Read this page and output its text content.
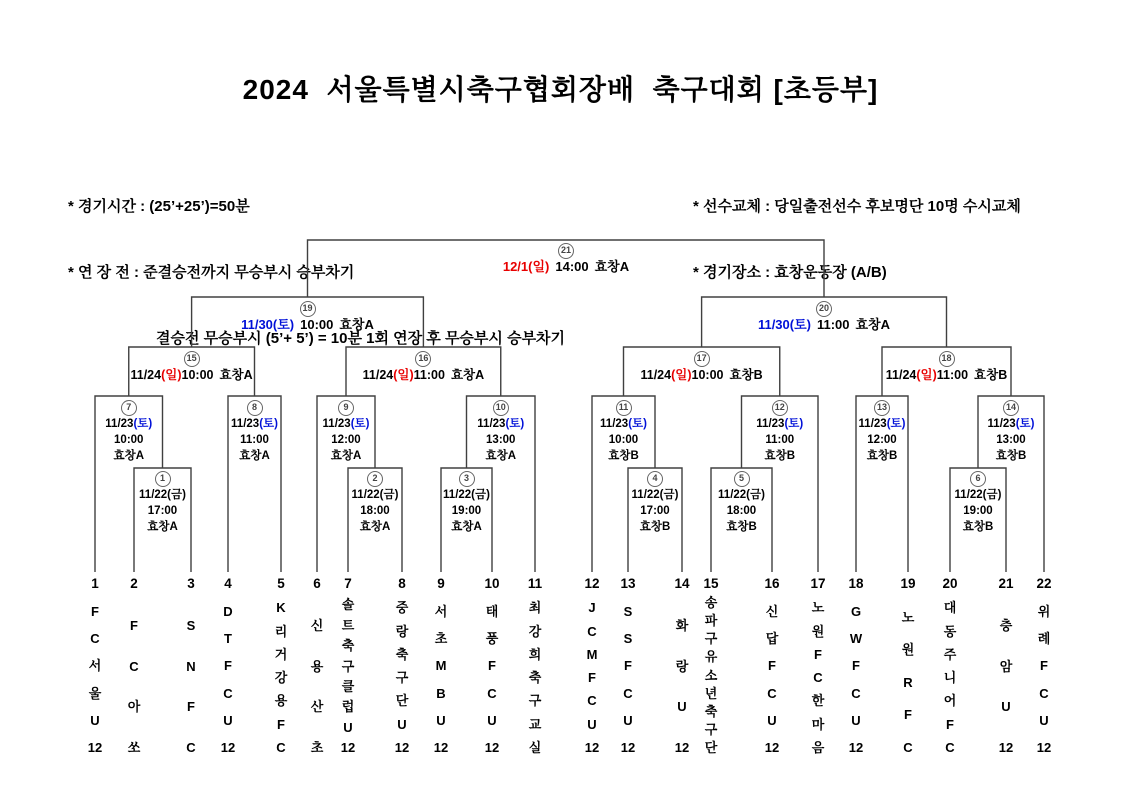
2024  서울특별시축구협회장배  축구대회 [초등부]

* 경기시간 : (25’+25’)=50분

* 연 장 전 : 준결승전까지 무승부시 승부차기

결승전 무승부시 (5’+ 5’) = 10분 1회 연장 후 무승부시 승부차기

* 선수교체 : 당일출전선수 후보명단 10명 수시교체

* 경기장소 : 효창운동장 (A/B)

21
12/1(일) 14:00 효창A
19
11/30(토) 10:00 효창A
20
11/30(토) 11:00 효창A
15
11/24(일)10:00 효창A
16
11/24(일)11:00 효창A
17
11/24(일)10:00 효창B
18
11/24(일)11:00 효창B
7
11/23(토)
10:00
효창A
8
11/23(토)
11:00
효창A
9
11/23(토)
12:00
효창A
10
11/23(토)
13:00
효창A
11
11/23(토)
10:00
효창B
12
11/23(토)
11:00
효창B
13
11/23(토)
12:00
효창B
14
11/23(토)
13:00
효창B
1
11/22(금)
17:00
효창A
2
11/22(금)
18:00
효창A
3
11/22(금)
19:00
효창A
4
11/22(금)
17:00
효창B
5
11/22(금)
18:00
효창B
6
11/22(금)
19:00
효창B
1
F
C
서
울
U
12
2
F
C
아
쏘
3
S
N
F
C
4
D
T
F
C
U
12
5
K
리
거
강
용
F
C
6
신
용
산
초
7
솔
트
축
구
클
럽
U
12
8
중
랑
축
구
단
U
12
9
서
초
M
B
U
12
10
태
풍
F
C
U
12
11
최
강
희
축
구
교
실
12
J
C
M
F
C
U
12
13
S
S
F
C
U
12
14
화
랑
U
12
15
송
파
구
유
소
년
축
구
단
16
신
답
F
C
U
12
17
노
원
F
C
한
마
음
18
G
W
F
C
U
12
19
노
원
R
F
C
20
대
동
주
니
어
F
C
21
충
암
U
12
22
위
례
F
C
U
12
